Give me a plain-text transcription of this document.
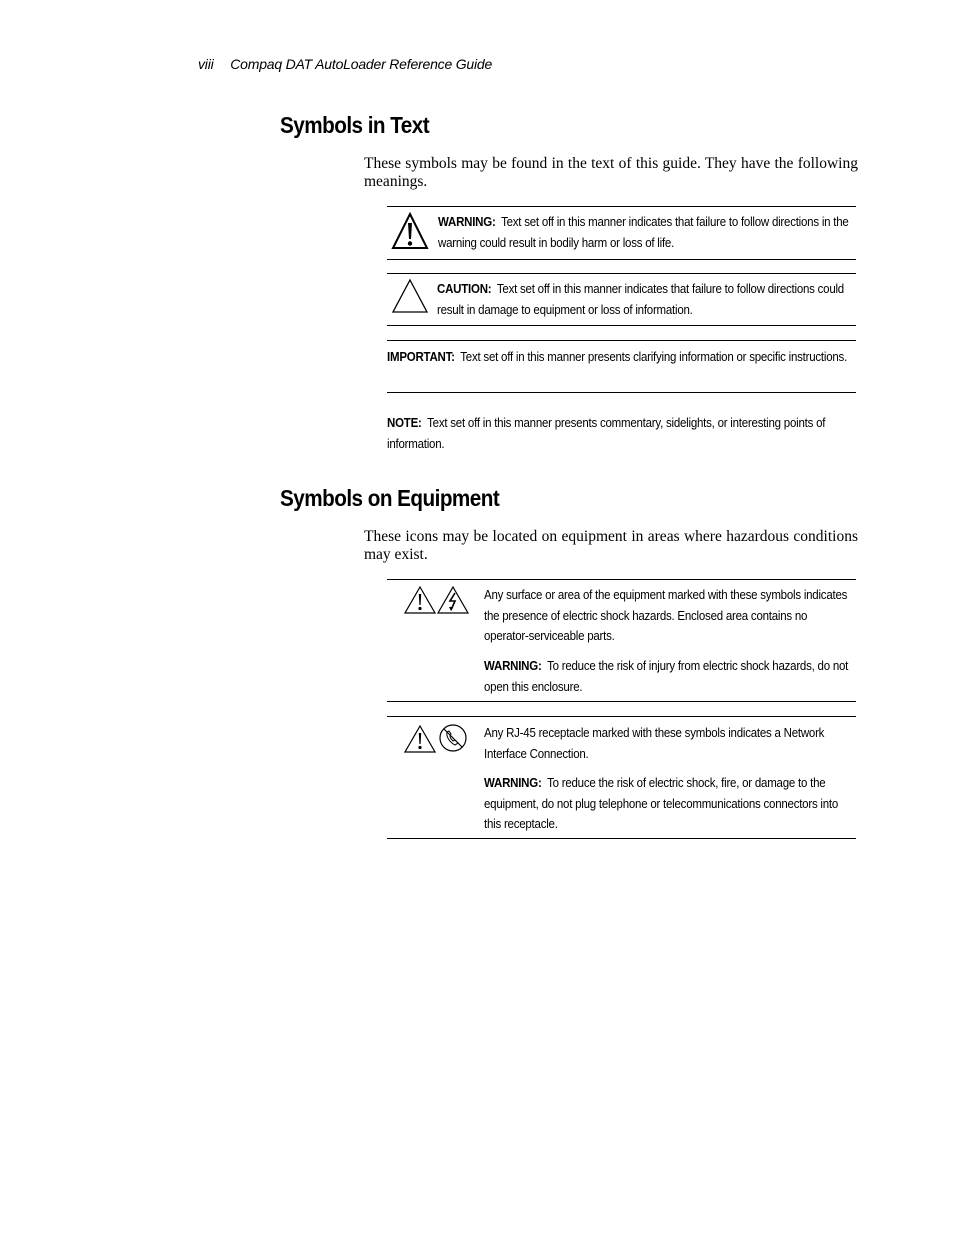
viii Compaq DAT AutoLoader Reference Guide
Symbols in Text

These symbols may be found in the text of this guide. They have the following meanings.

WARNING: Text set off in this manner indicates that failure to follow directions in the warning could result in bodily harm or loss of life.
CAUTION: Text set off in this manner indicates that failure to follow directions could result in damage to equipment or loss of information.
IMPORTANT: Text set off in this manner presents clarifying information or specific instructions.
NOTE: Text set off in this manner presents commentary, sidelights, or interesting points of information.
Symbols on Equipment

These icons may be located on equipment in areas where hazardous conditions may exist.

Any surface or area of the equipment marked with these symbols indicates the presence of electric shock hazards. Enclosed area contains no operator-serviceable parts.
WARNING: To reduce the risk of injury from electric shock hazards, do not open this enclosure.
Any RJ-45 receptacle marked with these symbols indicates a Network Interface Connection.
WARNING: To reduce the risk of electric shock, fire, or damage to the equipment, do not plug telephone or telecommunications connectors into this receptacle.
